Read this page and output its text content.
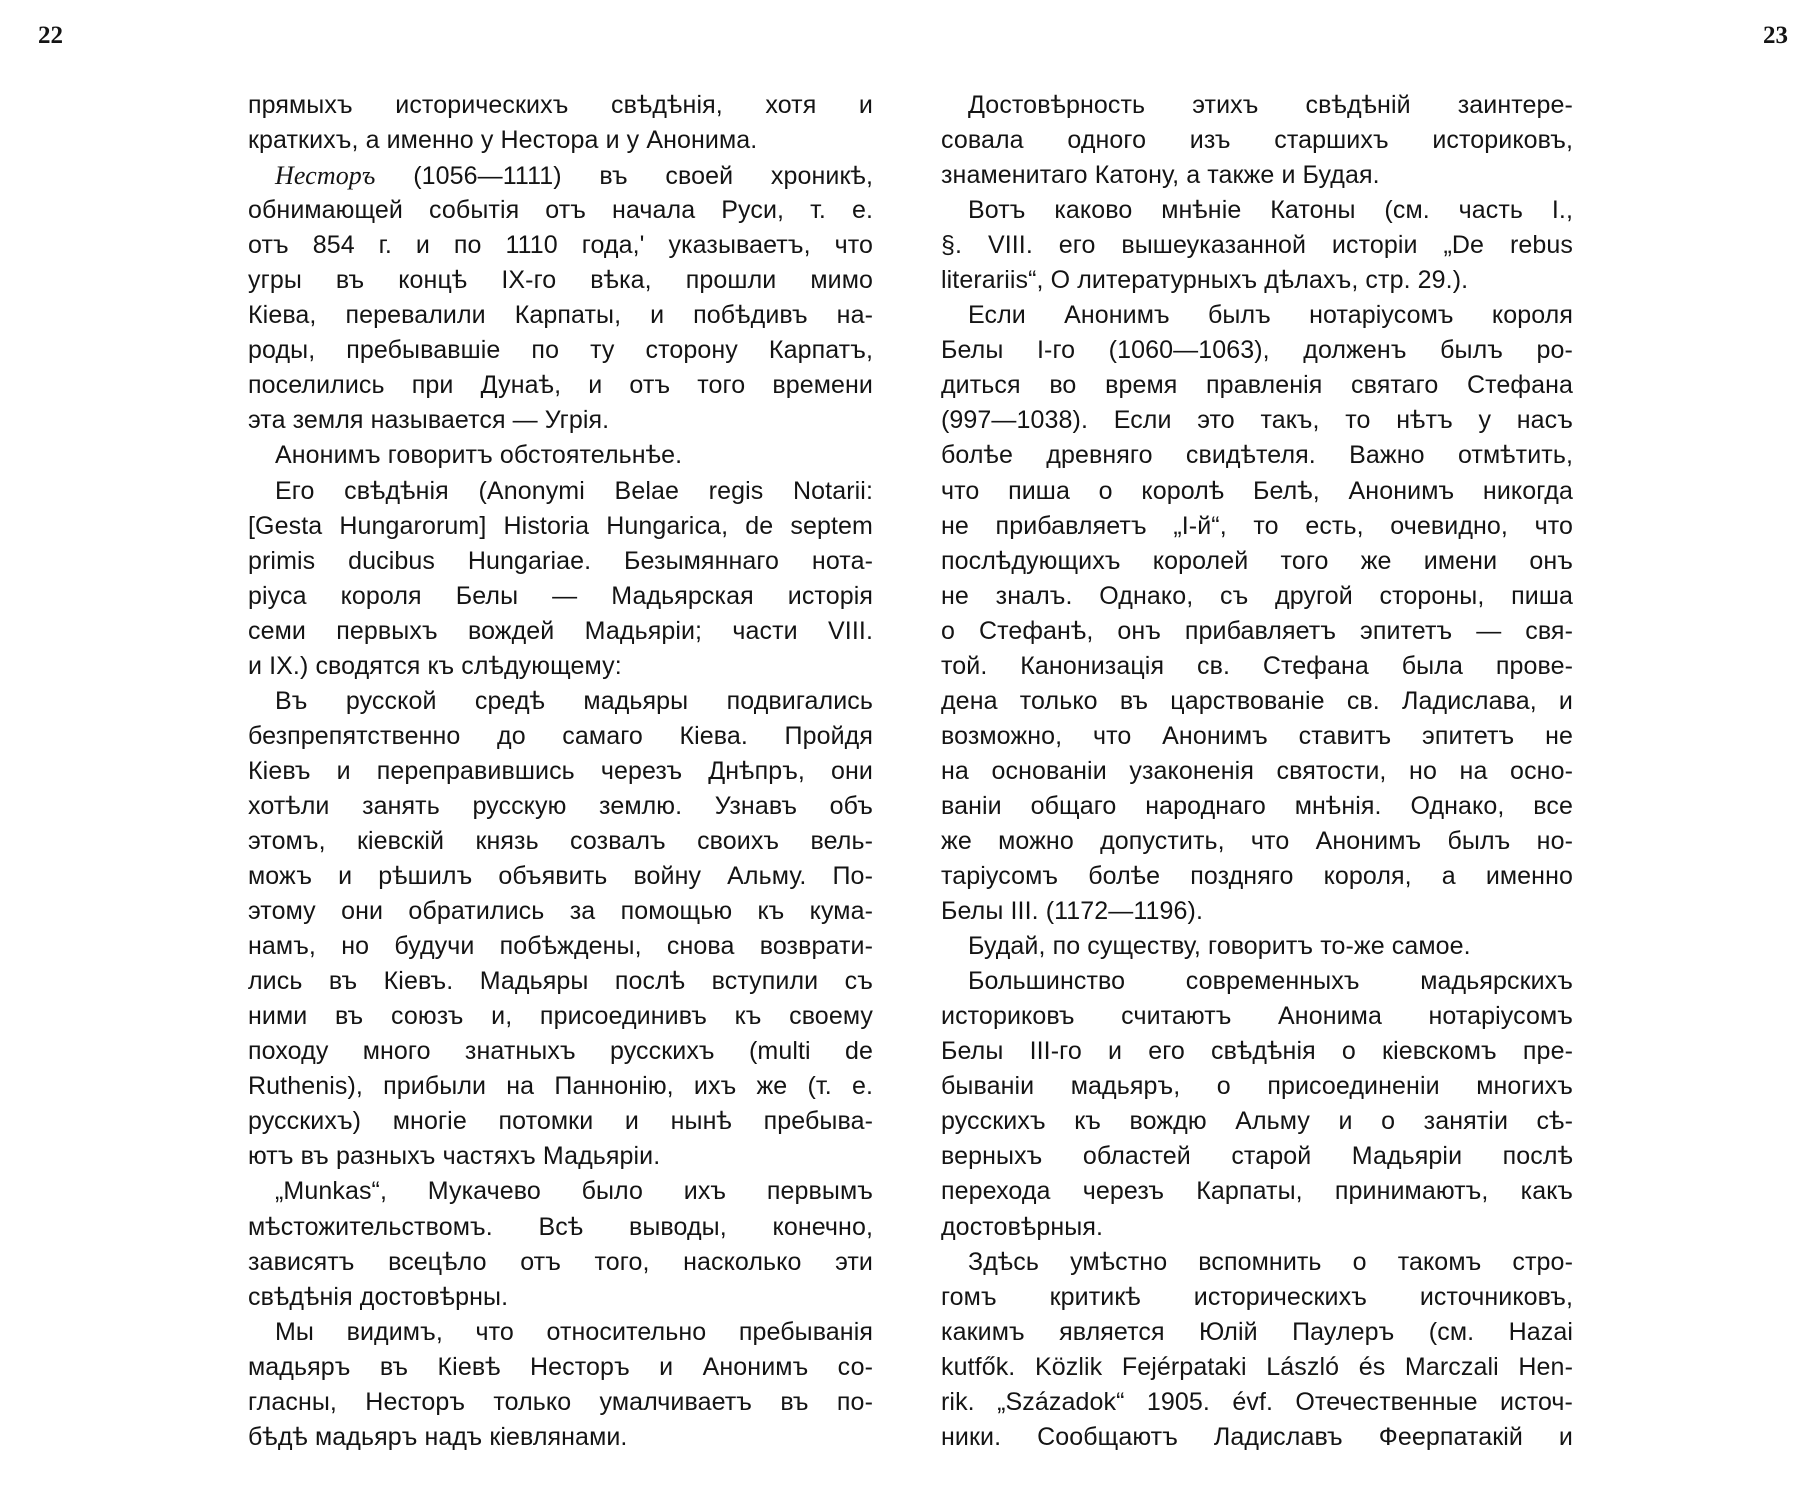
22	23
прямыхъ историческихъ свѣдѣнія, хотя и
краткихъ, а именно у Нестора и у Анонима.
Несторъ (1056—1111) въ своей хроникѣ,
обнимающей событія отъ начала Руси, т. е.
отъ 854 г. и по 1110 года,' указываетъ, что
угры въ концѣ IX-го вѣка, прошли мимо
Кіева, перевалили Карпаты, и побѣдивъ на-
роды, пребывавшіе по ту сторону Карпатъ,
поселились при Дунаѣ, и отъ того времени
эта земля называется — Угрія.
Анонимъ говоритъ обстоятельнѣе.
Его свѣдѣнія (Anonymi Belae regis Notarii:
[Gesta Hungarorum] Historia Hungarica, de septem
primis ducibus Hungariae. Безымяннаго нота-
ріуса короля Белы — Мадьярская исторія
семи первыхъ вождей Мадьяріи; части VIII.
и IX.) сводятся къ слѣдующему:
Въ русской средѣ мадьяры подвигались
безпрепятственно до самаго Кіева. Пройдя
Кіевъ и переправившись черезъ Днѣпръ, они
хотѣли занять русскую землю. Узнавъ объ
этомъ, кіевскій князь созвалъ своихъ вель-
можъ и рѣшилъ объявить войну Альму. По-
этому они обратились за помощью къ кума-
намъ, но будучи побѣждены, снова возврати-
лись въ Кіевъ. Мадьяры послѣ вступили съ
ними въ союзъ и, присоединивъ къ своему
походу много знатныхъ русскихъ (multi de
Ruthenis), прибыли на Паннонію, ихъ же (т. е.
русскихъ) многіе потомки и нынѣ пребыва-
ютъ въ разныхъ частяхъ Мадьяріи.
„Munkas“, Мукачево было ихъ первымъ
мѣстожительствомъ. Всѣ выводы, конечно,
зависятъ всецѣло отъ того, насколько эти
свѣдѣнія достовѣрны.
Мы видимъ, что относительно пребыванія
мадьяръ въ Кіевѣ Несторъ и Анонимъ со-
гласны, Несторъ только умалчиваетъ въ по-
бѣдѣ мадьяръ надъ кіевлянами.
Достовѣрность этихъ свѣдѣній заинтере-
совала одного изъ старшихъ историковъ,
знаменитаго Катону, а также и Будая.
Вотъ каково мнѣніе Катоны (см. часть I.,
§. VIII. его вышеуказанной исторіи „De rebus
literariis“, О литературныхъ дѣлахъ, стр. 29.).
Если Анонимъ былъ нотаріусомъ короля
Белы I-го (1060—1063), долженъ былъ ро-
диться во время правленія святаго Стефана
(997—1038). Если это такъ, то нѣтъ у насъ
болѣе древняго свидѣтеля. Важно отмѣтить,
что пиша о королѣ Белѣ, Анонимъ никогда
не прибавляетъ „I-й“, то есть, очевидно, что
послѣдующихъ королей того же имени онъ
не зналъ. Однако, съ другой стороны, пиша
о Стефанѣ, онъ прибавляетъ эпитетъ — свя-
той. Канонизація св. Стефана была прове-
дена только въ царствованіе св. Ладислава, и
возможно, что Анонимъ ставитъ эпитетъ не
на основаніи узаконенія святости, но на осно-
ваніи общаго народнаго мнѣнія. Однако, все
же можно допустить, что Анонимъ былъ но-
таріусомъ болѣе поздняго короля, а именно
Белы III. (1172—1196).
Будай, по существу, говоритъ то-же самое.
Большинство современныхъ мадьярскихъ
историковъ считаютъ Анонима нотаріусомъ
Белы III-го и его свѣдѣнія о кіевскомъ пре-
быванiи мадьяръ, о присоединеніи многихъ
русскихъ къ вождю Альму и о занятіи сѣ-
верныхъ областей старой Мадьяріи послѣ
перехода черезъ Карпаты, принимаютъ, какъ
достовѣрныя.
Здѣсь умѣстно вспомнить о такомъ стро-
гомъ критикѣ историческихъ источниковъ,
какимъ является Юлій Паулеръ (см. Hazai
kutfők. Közlik Fejérpataki László és Marczali Hen-
rik. „Századok“ 1905. évf. Отечественные источ-
ники. Сообщаютъ Ладиславъ Феерпатакій и
